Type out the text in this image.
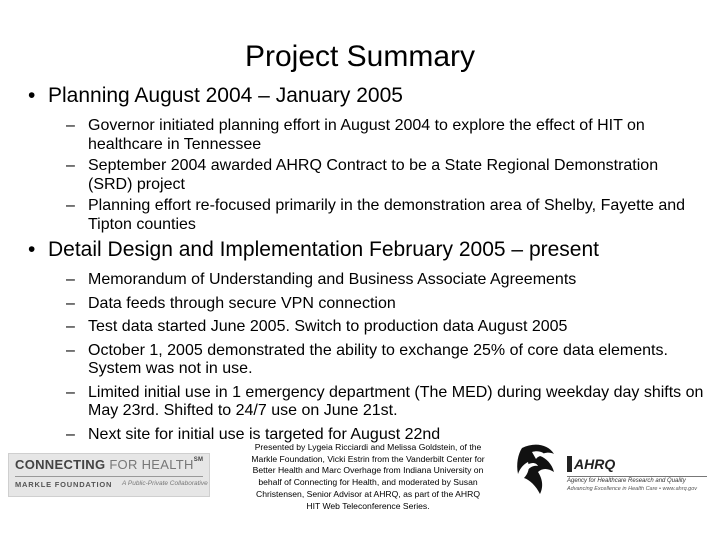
Project Summary
• Planning August 2004 – January 2005
– Governor initiated planning effort in August 2004 to explore the effect of HIT on healthcare in Tennessee
– September 2004 awarded AHRQ Contract to be a State Regional Demonstration (SRD) project
– Planning effort re-focused primarily in the demonstration area of Shelby, Fayette and Tipton counties
• Detail Design and Implementation February 2005 – present
– Memorandum of Understanding and Business Associate Agreements
– Data feeds through secure VPN connection
– Test data started June 2005. Switch to production data August 2005
– October 1, 2005 demonstrated the ability to exchange 25% of core data elements. System was not in use.
– Limited initial use in 1 emergency department (The MED) during weekday day shifts on May 23rd. Shifted to 24/7 use on June 21st.
– Next site for initial use is targeted for August 22nd
CONNECTING FOR HEALTH℠
MARKLE FOUNDATION A Public-Private Collaborative
Presented by Lygeia Ricciardi and Melissa Goldstein, of the
Markle Foundation, Vicki Estrin from the Vanderbilt Center for
Better Health and Marc Overhage from Indiana University on
behalf of Connecting for Health, and moderated by Susan
Christensen, Senior Advisor at AHRQ, as part of the AHRQ
HIT Web Teleconference Series.
AHRQ
Agency for Healthcare Research and Quality
Advancing Excellence in Health Care • www.ahrq.gov
